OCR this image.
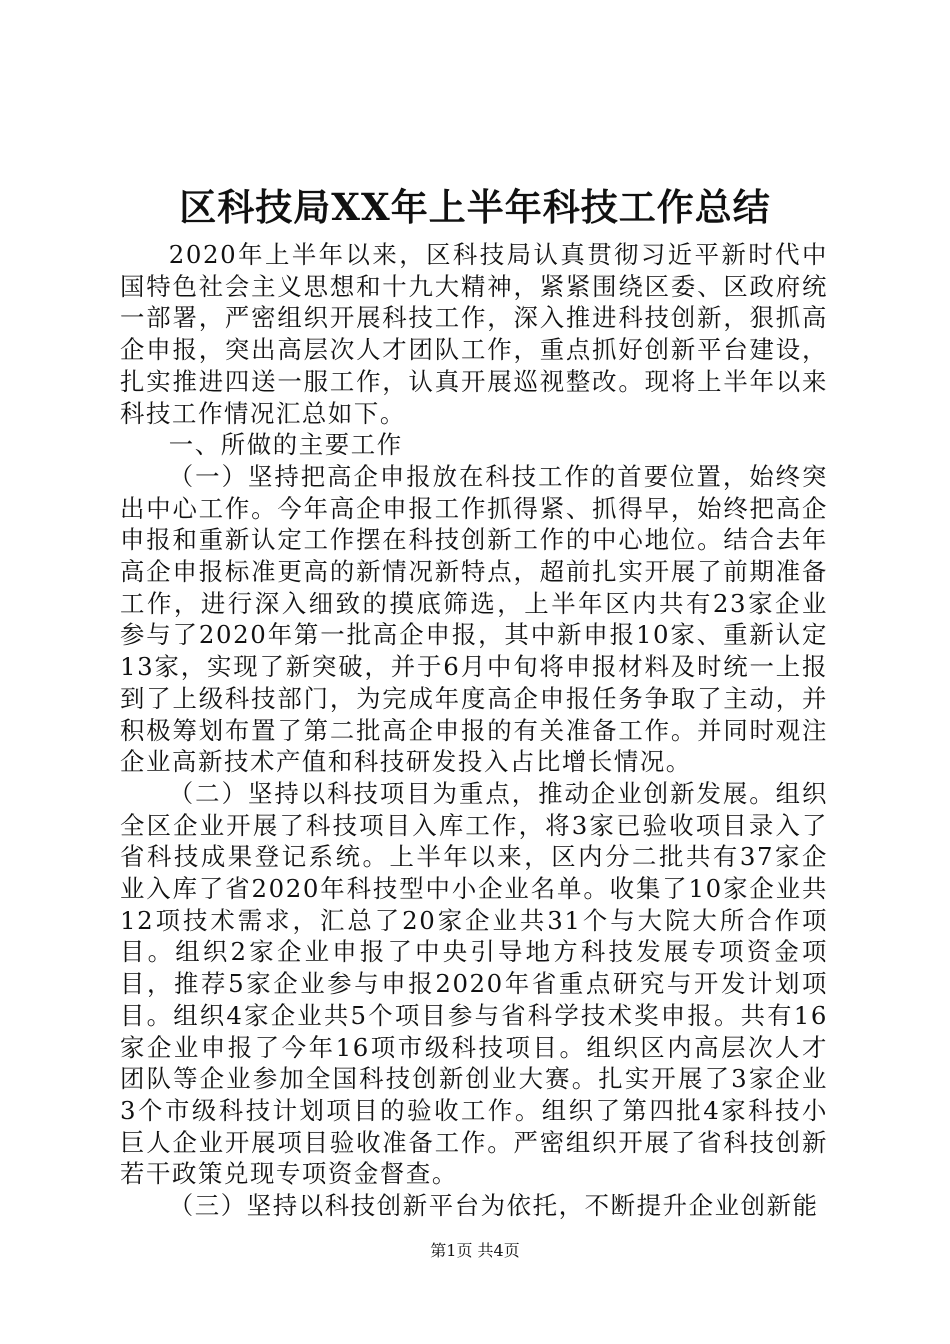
区科技局XX年上半年科技工作总结

2020年上半年以来，区科技局认真贯彻习近平新时代中国特色社会主义思想和十九大精神，紧紧围绕区委、区政府统一部署，严密组织开展科技工作，深入推进科技创新，狠抓高企申报，突出高层次人才团队工作，重点抓好创新平台建设，扎实推进四送一服工作，认真开展巡视整改。现将上半年以来科技工作情况汇总如下。

一、所做的主要工作

（一）坚持把高企申报放在科技工作的首要位置，始终突出中心工作。今年高企申报工作抓得紧、抓得早，始终把高企申报和重新认定工作摆在科技创新工作的中心地位。结合去年高企申报标准更高的新情况新特点，超前扎实开展了前期准备工作，进行深入细致的摸底筛选，上半年区内共有23家企业参与了2020年第一批高企申报，其中新申报10家、重新认定13家，实现了新突破，并于6月中旬将申报材料及时统一上报到了上级科技部门，为完成年度高企申报任务争取了主动，并积极筹划布置了第二批高企申报的有关准备工作。并同时观注企业高新技术产值和科技研发投入占比增长情况。

（二）坚持以科技项目为重点，推动企业创新发展。组织全区企业开展了科技项目入库工作，将3家已验收项目录入了省科技成果登记系统。上半年以来，区内分二批共有37家企业入库了省2020年科技型中小企业名单。收集了10家企业共12项技术需求，汇总了20家企业共31个与大院大所合作项目。组织2家企业申报了中央引导地方科技发展专项资金项目，推荐5家企业参与申报2020年省重点研究与开发计划项目。组织4家企业共5个项目参与省科学技术奖申报。共有16家企业申报了今年16项市级科技项目。组织区内高层次人才团队等企业参加全国科技创新创业大赛。扎实开展了3家企业3个市级科技计划项目的验收工作。组织了第四批4家科技小巨人企业开展项目验收准备工作。严密组织开展了省科技创新若干政策兑现专项资金督查。

（三）坚持以科技创新平台为依托，不断提升企业创新能

第1页 共4页
